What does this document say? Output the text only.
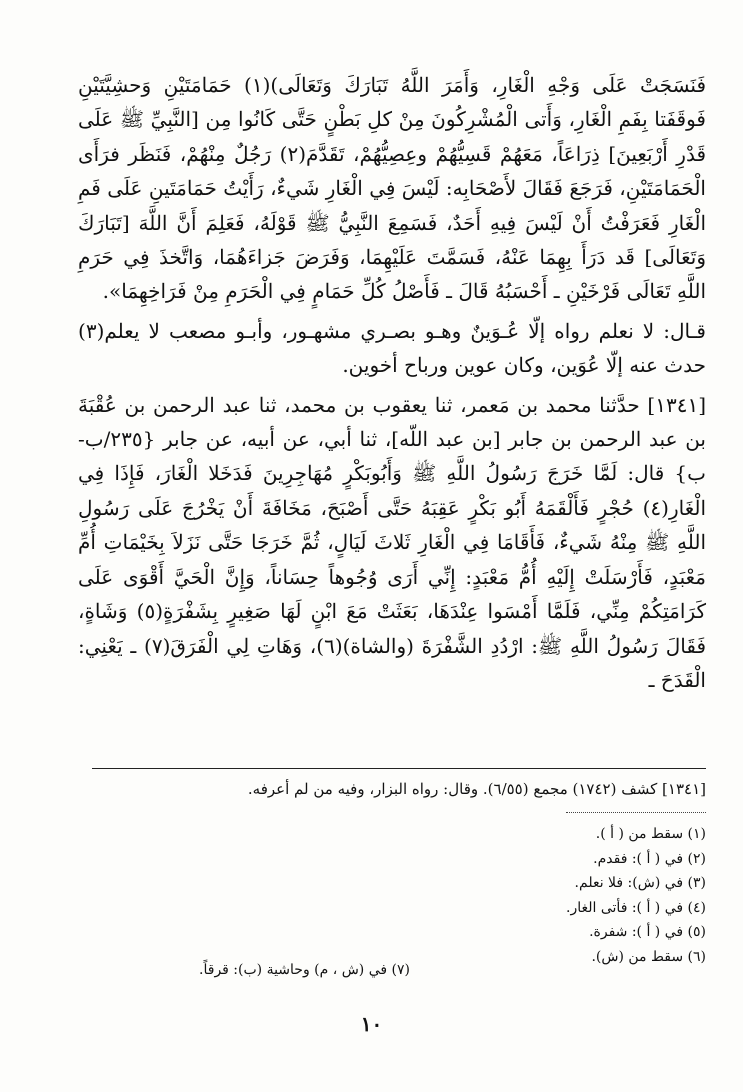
فَنَسَجَتْ عَلَى وَجْهِ الْغَارِ، وَأَمَرَ اللَّهُ تَبَارَكَ وَتَعَالَى)(١) حَمَامَتَيْنِ وَحشِيَّتَيْنِ فَوقَفَتا بِفَمِ الْغَارِ، وَأَتى الْمُشْرِكُونَ مِنْ كلِ بَطْنٍ حَتَّى كَانُوا مِن [النَّبِيِّ ﷺ عَلَى قَدْرِ أَرْبَعِينَ] ذِرَاعَاً، مَعَهُمْ قَسِيُّهُمْ وعِصِيُّهُمْ، تَقَدَّمَ(٢) رَجُلٌ مِنْهُمْ، فَنَظَر فرَأَى الْحَمَامَتَيْنِ، فَرَجَعَ فَقَالَ لأَصْحَابِه: لَيْسَ فِي الْغَارِ شَيءٌ، رَأَيْتُ حَمَامَتَينِ عَلَى فَمِ الْغَارِ فَعَرَفْتُ أَنْ لَيْسَ فِيهِ أَحَدٌ، فَسَمِعَ النَّبِيُّ ﷺ قَوْلَهُ، فَعَلِمَ أَنَّ اللَّهَ [تَبَارَكَ وَتَعَالَى] قَد دَرَأَ بِهِمَا عَنْهُ، فَسَمَّتَ عَلَيْهِمَا، وَفَرَضَ جَزاءَهُمَا، وَاتَّخذَ فِي حَرَمِ اللَّهِ تَعَالَى فَرْخَيْنِ ـ أَحْسَبُهُ قَالَ ـ فَأَصْلُ كُلِّ حَمَامٍ فِي الْحَرَمِ مِنْ فَرَاخِهِمَا».

قـال: لا نعلم رواه إلّا عُـوَينٌ وهـو بصـري مشهـور، وأبـو مصعب لا يعلم(٣) حدث عنه إلّا عُوَين، وكان عوين ورباح أخوين.

[١٣٤١] حدَّثنا محمد بن مَعمر، ثنا يعقوب بن محمد، ثنا عبد الرحمن بن عُقْبَةَ بن عبد الرحمن بن جابر [بن عبد اللّه]، ثنا أبي، عن أبيه، عن جابر {٢٣٥/ب-ب} قال: لَمَّا خَرَجَ رَسُولُ اللَّهِ ﷺ وَأَبُوبَكْرٍ مُهَاجِرِينَ فَدَخَلا الْغَارَ، فَإِذَا فِي الْغَارِ(٤) حُجْرٍ فَأَلْقَمَهُ أَبُو بَكْرٍ عَقِبَهُ حَتَّى أَصْبَحَ، مَخَافَةَ أَنْ يَخْرُجَ عَلَى رَسُولِ اللَّهِ ﷺ مِنْهُ شَيءٌ، فَأَقَامَا فِي الْغَارِ ثَلاثَ لَيَالٍ، ثُمَّ خَرَجَا حَتَّى نَزَلاَ بِخَيْمَاتِ أُمِّ مَعْبَدٍ، فَأَرْسَلَتْ إِلَيْهِ أُمُّ مَعْبَدٍ: إِنِّي أَرَى وُجُوهاً حِسَاناً، وَإِنَّ الْحَيَّ أَقْوَى عَلَى كَرَامَتِكُمْ مِنِّي، فَلَمَّا أَمْسَوا عِنْدَهَا، بَعَثَتْ مَعَ ابْنٍ لَهَا صَغِيرٍ بِشَفْرَةٍ(٥) وَشَاةٍ، فَقَالَ رَسُولُ اللَّهِ ﷺ: ارْدُدِ الشَّفْرَةَ (والشاة)(٦)، وَهَاتِ لِي الْفَرَقَ(٧) ـ يَعْنِي: الْقَدَحَ ـ

[١٣٤١] كشف (١٧٤٢) مجمع (٦/٥٥). وقال: رواه البزار، وفيه من لم أعرفه.
(١) سقط من ( أ ).
(٢) في ( أ ): فقدم.
(٣) في (ش): فلا نعلم.
(٤) في ( أ ): فأتى الغار.
(٥) في ( أ ): شفرة.
(٦) سقط من (ش).
(٧) في (ش ، م) وحاشية (ب): قرقاً.
١٠
